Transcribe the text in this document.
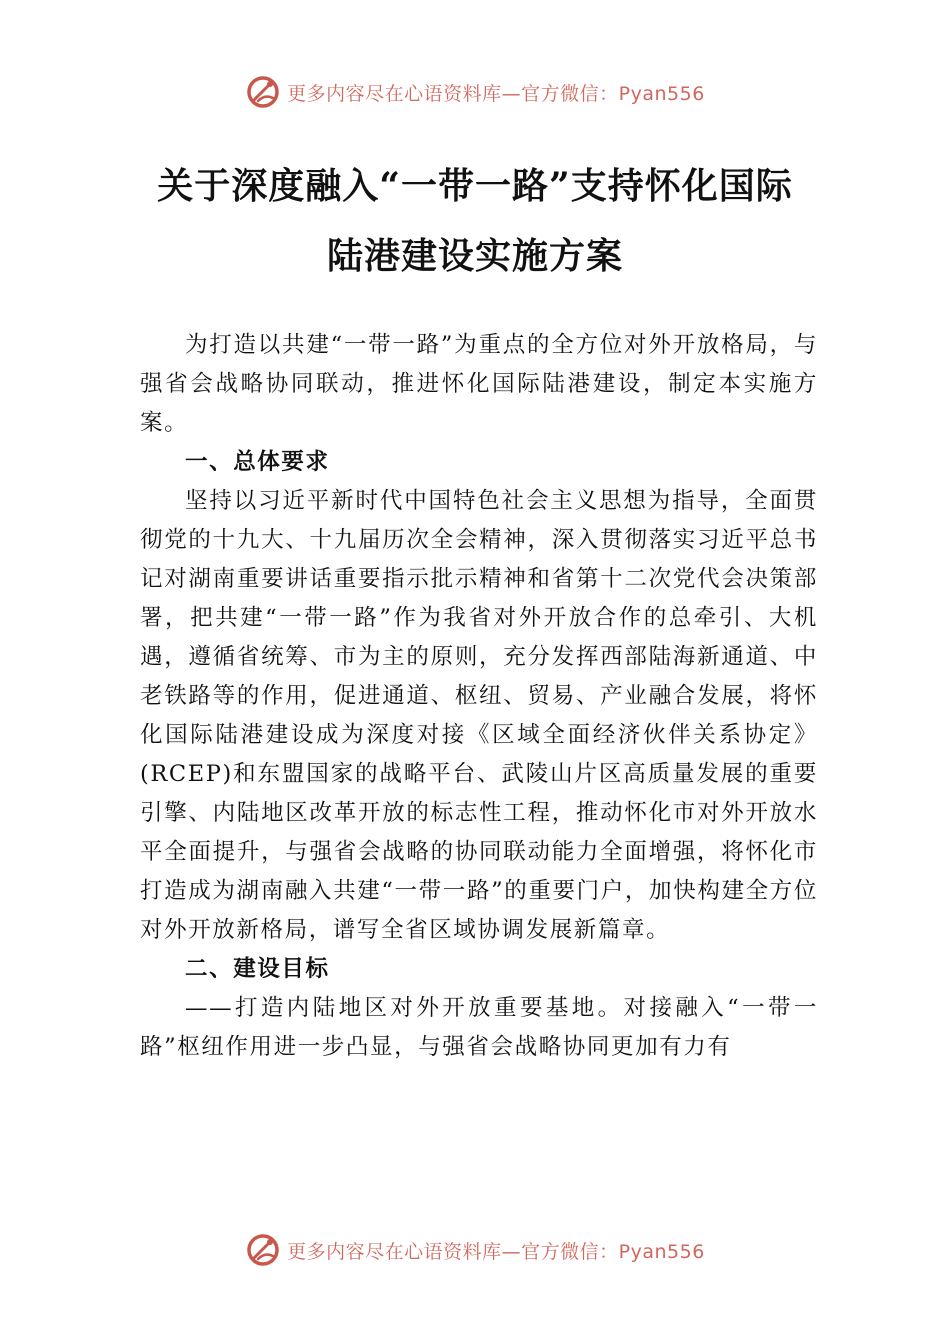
更多内容尽在心语资料库—官方微信：Pyan556
关于深度融入“一带一路”支持怀化国际
陆港建设实施方案

为打造以共建“一带一路”为重点的全方位对外开放格局，与强省会战略协同联动，推进怀化国际陆港建设，制定本实施方案。

一、总体要求

坚持以习近平新时代中国特色社会主义思想为指导，全面贯彻党的十九大、十九届历次全会精神，深入贯彻落实习近平总书记对湖南重要讲话重要指示批示精神和省第十二次党代会决策部署，把共建“一带一路”作为我省对外开放合作的总牵引、大机遇，遵循省统筹、市为主的原则，充分发挥西部陆海新通道、中老铁路等的作用，促进通道、枢纽、贸易、产业融合发展，将怀化国际陆港建设成为深度对接《区域全面经济伙伴关系协定》(RCEP)和东盟国家的战略平台、武陵山片区高质量发展的重要引擎、内陆地区改革开放的标志性工程，推动怀化市对外开放水平全面提升，与强省会战略的协同联动能力全面增强，将怀化市打造成为湖南融入共建“一带一路”的重要门户，加快构建全方位对外开放新格局，谱写全省区域协调发展新篇章。

二、建设目标

——打造内陆地区对外开放重要基地。对接融入“一带一路”枢纽作用进一步凸显，与强省会战略协同更加有力有

更多内容尽在心语资料库—官方微信：Pyan556
